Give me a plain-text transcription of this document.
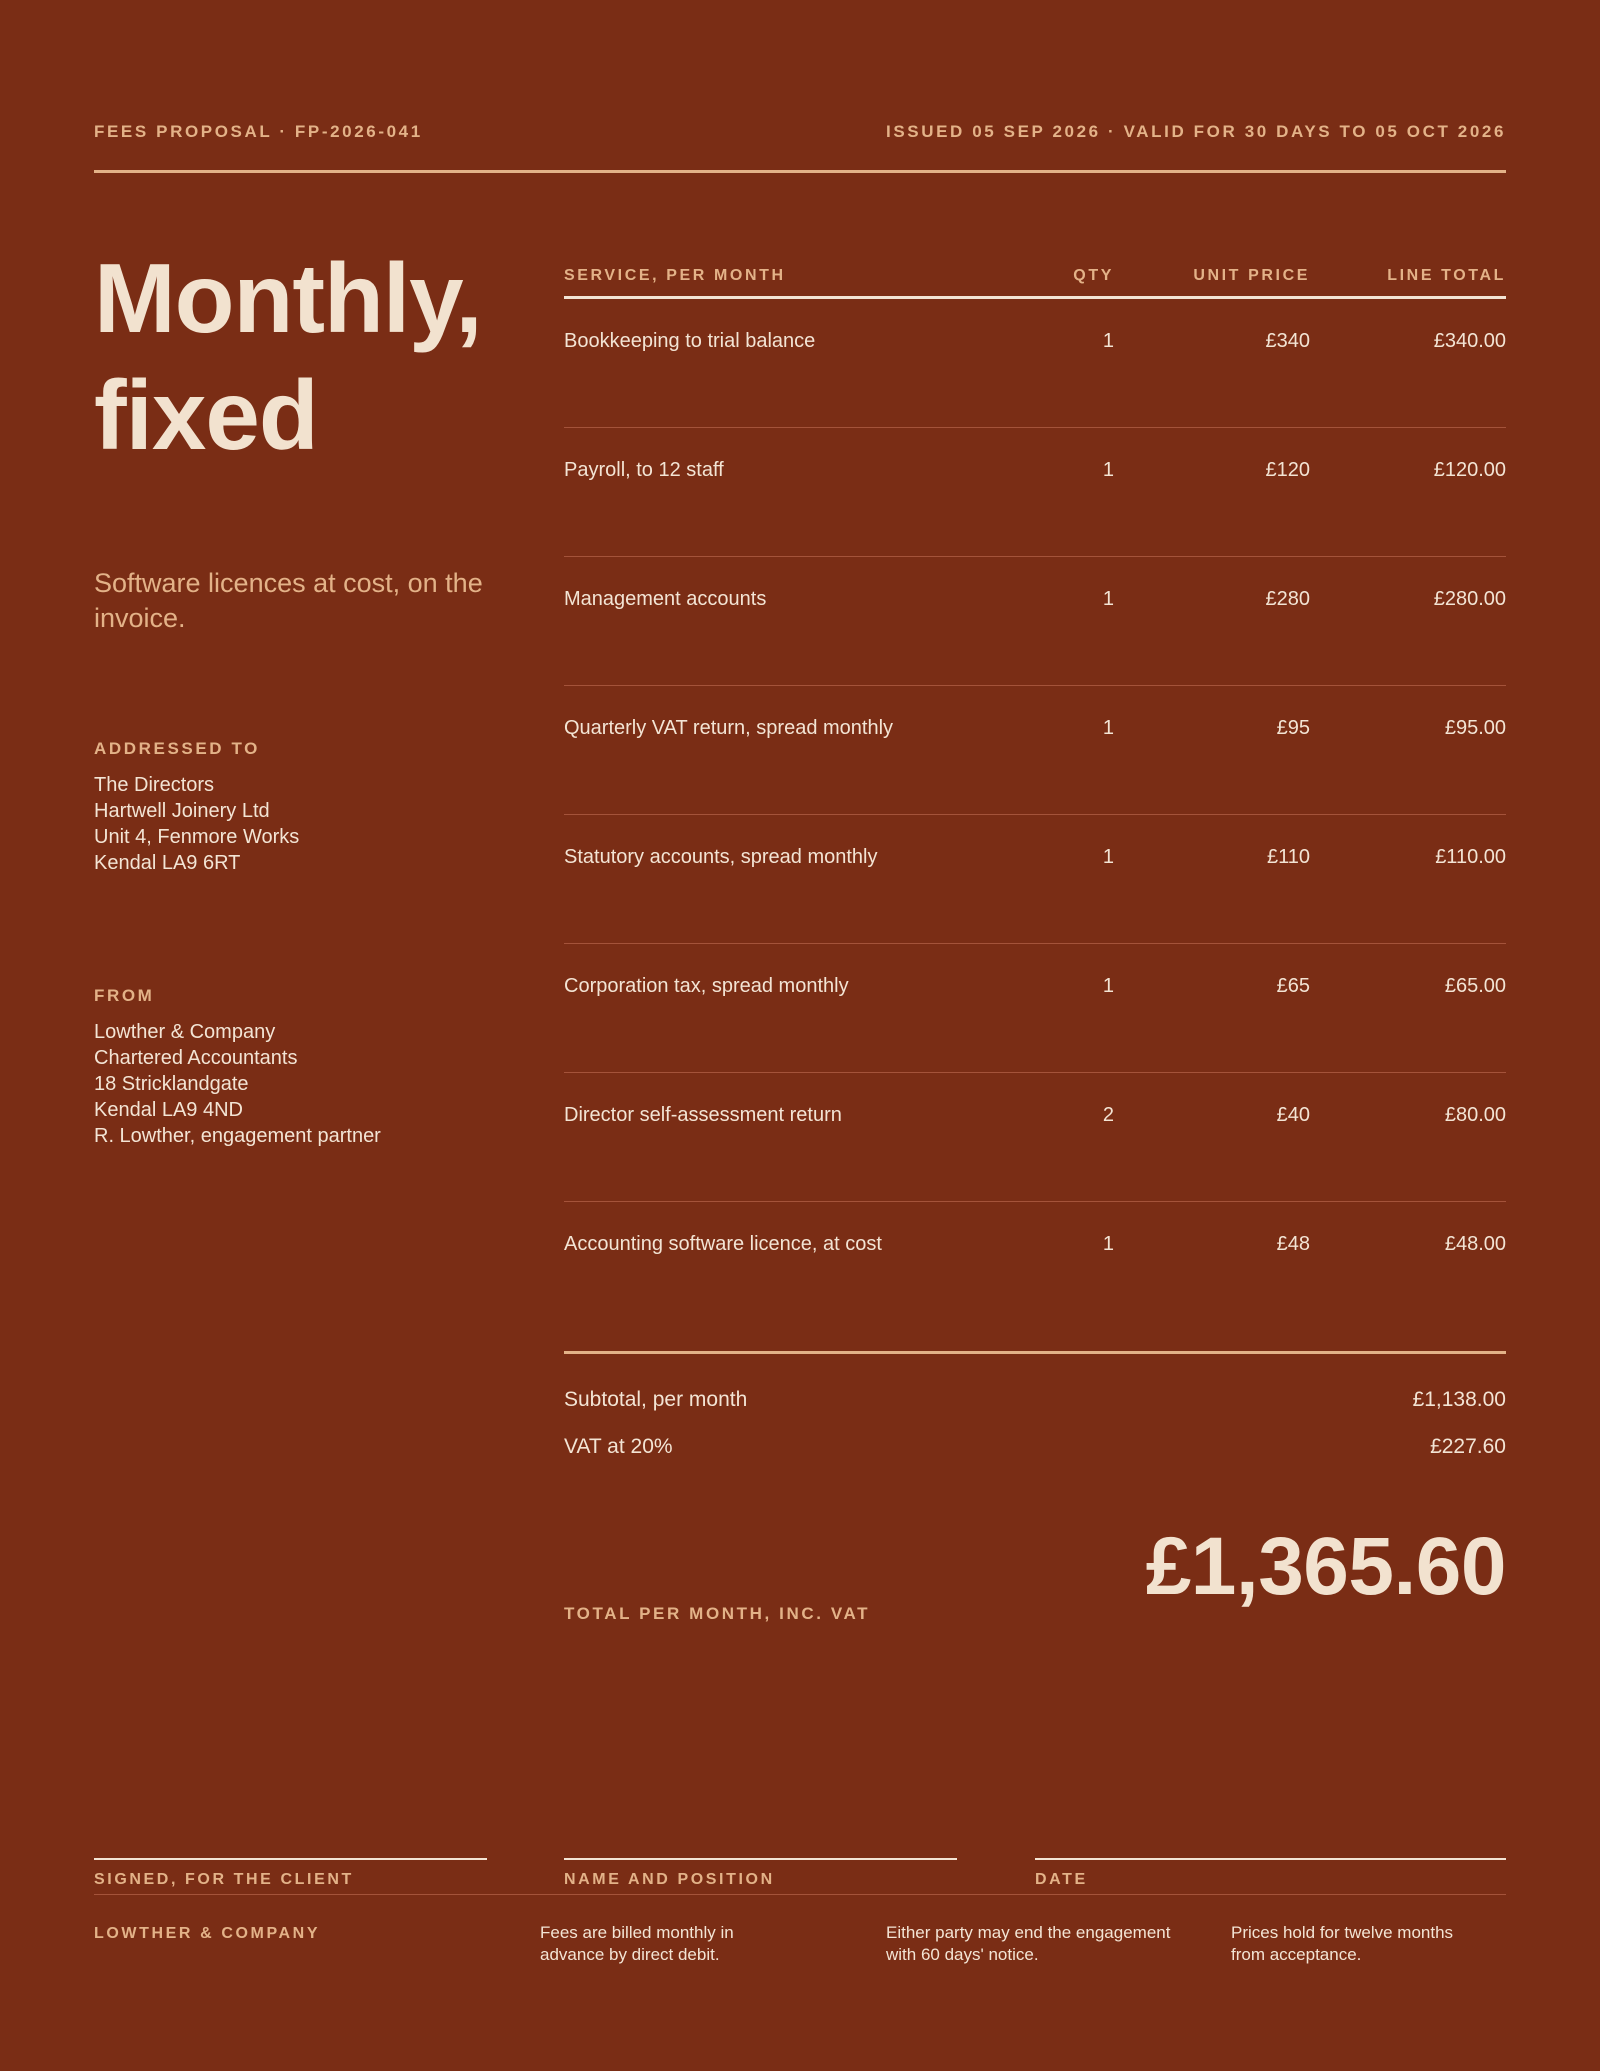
FEES PROPOSAL · FP-2026-041	ISSUED 05 SEP 2026 · VALID FOR 30 DAYS TO 05 OCT 2026
Monthly,
fixed
Software licences at cost, on the invoice.
ADDRESSED TO
The Directors
Hartwell Joinery Ltd
Unit 4, Fenmore Works
Kendal LA9 6RT
FROM
Lowther & Company
Chartered Accountants
18 Stricklandgate
Kendal LA9 4ND
R. Lowther, engagement partner
SERVICE, PER MONTH	QTY	UNIT PRICE	LINE TOTAL
Bookkeeping to trial balance	1	£340	£340.00
Payroll, to 12 staff	1	£120	£120.00
Management accounts	1	£280	£280.00
Quarterly VAT return, spread monthly	1	£95	£95.00
Statutory accounts, spread monthly	1	£110	£110.00
Corporation tax, spread monthly	1	£65	£65.00
Director self-assessment return	2	£40	£80.00
Accounting software licence, at cost	1	£48	£48.00
Subtotal, per month	£1,138.00
VAT at 20%	£227.60
TOTAL PER MONTH, INC. VAT
£1,365.60
SIGNED, FOR THE CLIENT	NAME AND POSITION	DATE
LOWTHER & COMPANY	Fees are billed monthly in advance by direct debit.
Either party may end the engagement with 60 days' notice.
Prices hold for twelve months from acceptance.
